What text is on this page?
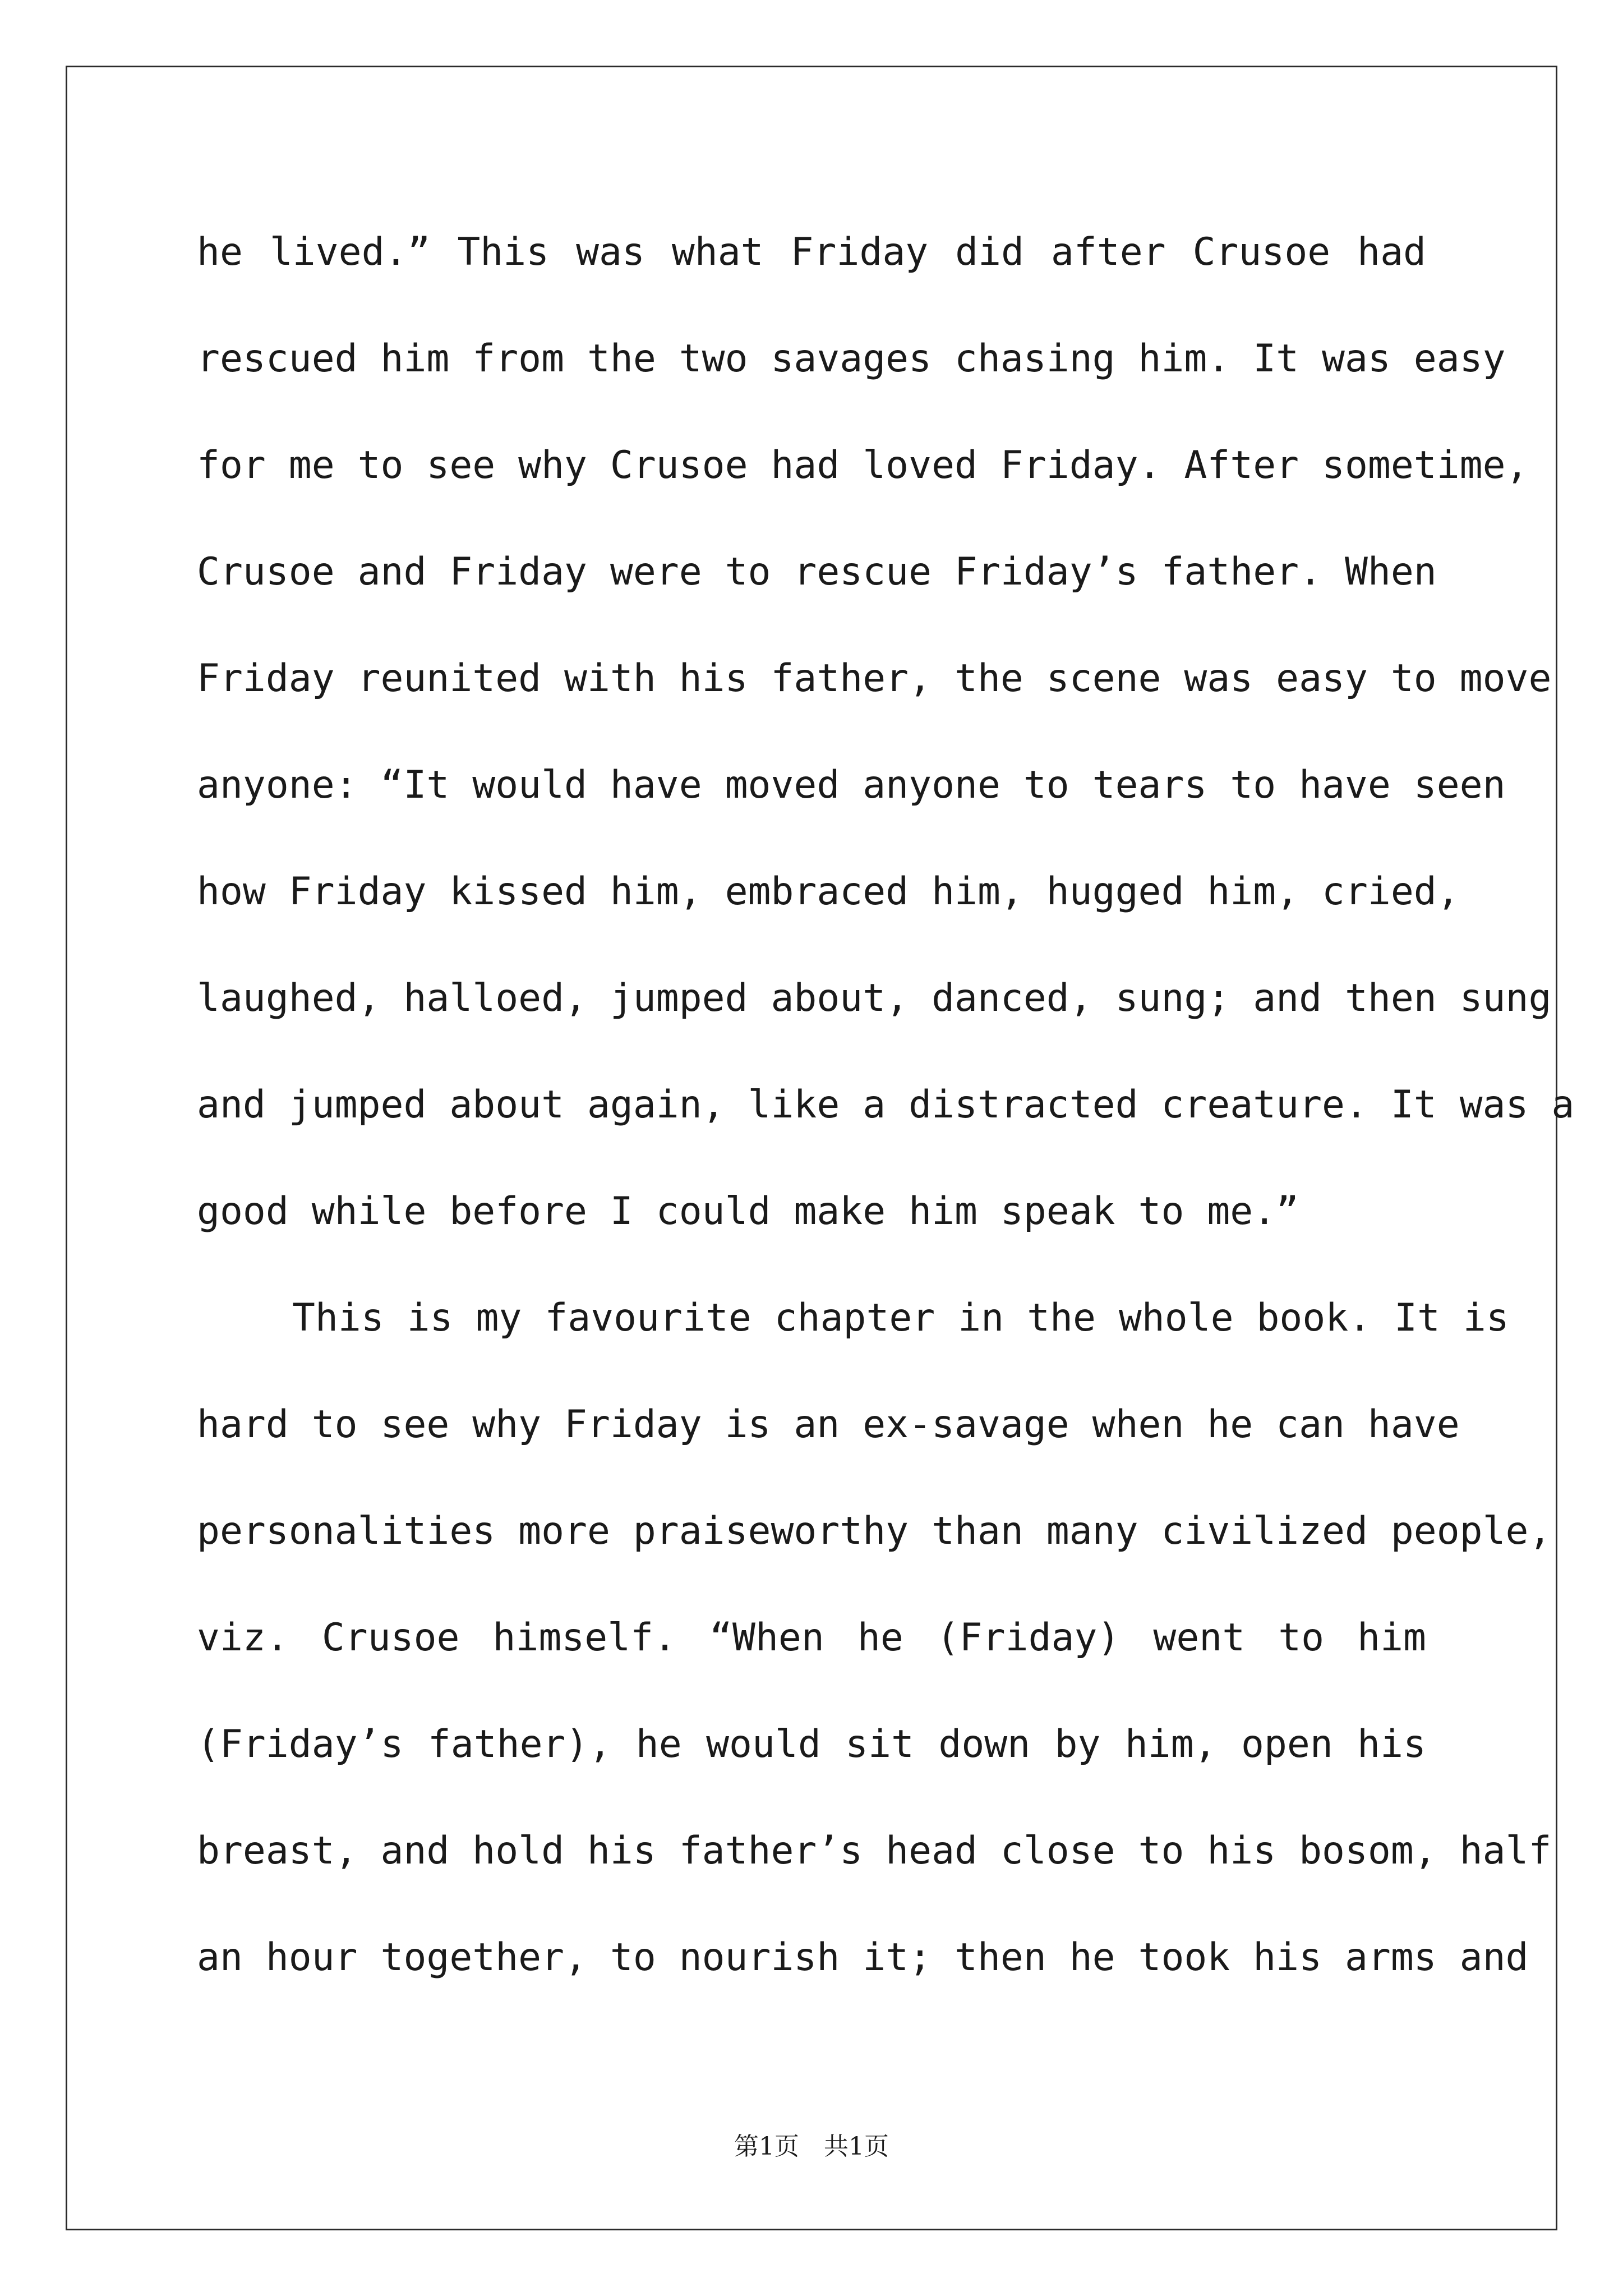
he lived.” This was what Friday did after Crusoe had
rescued him from the two savages chasing him. It was easy
for me to see why Crusoe had loved Friday. After sometime,
Crusoe and Friday were to rescue Friday’s father. When
Friday reunited with his father, the scene was easy to move
anyone: “It would have moved anyone to tears to have seen
how Friday kissed him, embraced him, hugged him, cried,
laughed, halloed, jumped about, danced, sung; and then sung
and jumped about again, like a distracted creature. It was a
good while before I could make him speak to me.”
This is my favourite chapter in the whole book. It is
hard to see why Friday is an ex-savage when he can have
personalities more praiseworthy than many civilized people,
viz. Crusoe himself. “When he (Friday) went to him
(Friday’s father), he would sit down by him, open his
breast, and hold his father’s head close to his bosom, half
an hour together, to nourish it; then he took his arms and
第1页　共1页
